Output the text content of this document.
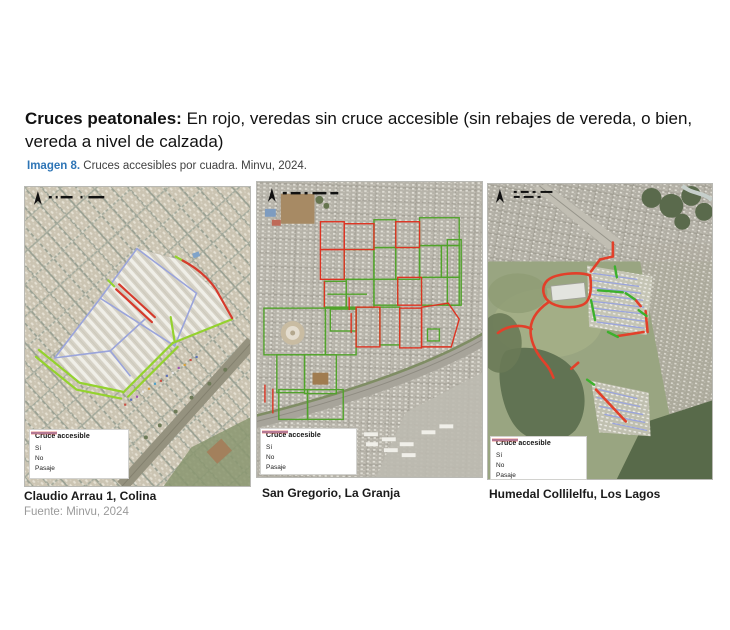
Cruces peatonales: En rojo, veredas sin cruce accesible (sin rebajes de vereda, o bien, vereda a nivel de calzada)
Imagen 8. Cruces accesibles por cuadra. Minvu, 2024.
Cruce accesible
Sí
No
Pasaje
Cruce accesible
Sí
No
Pasaje
Cruce accesible
Sí
No
Pasaje
Claudio Arrau 1, Colina	San Gregorio, La Granja	Humedal Collilelfu, Los Lagos
Fuente: Minvu, 2024
